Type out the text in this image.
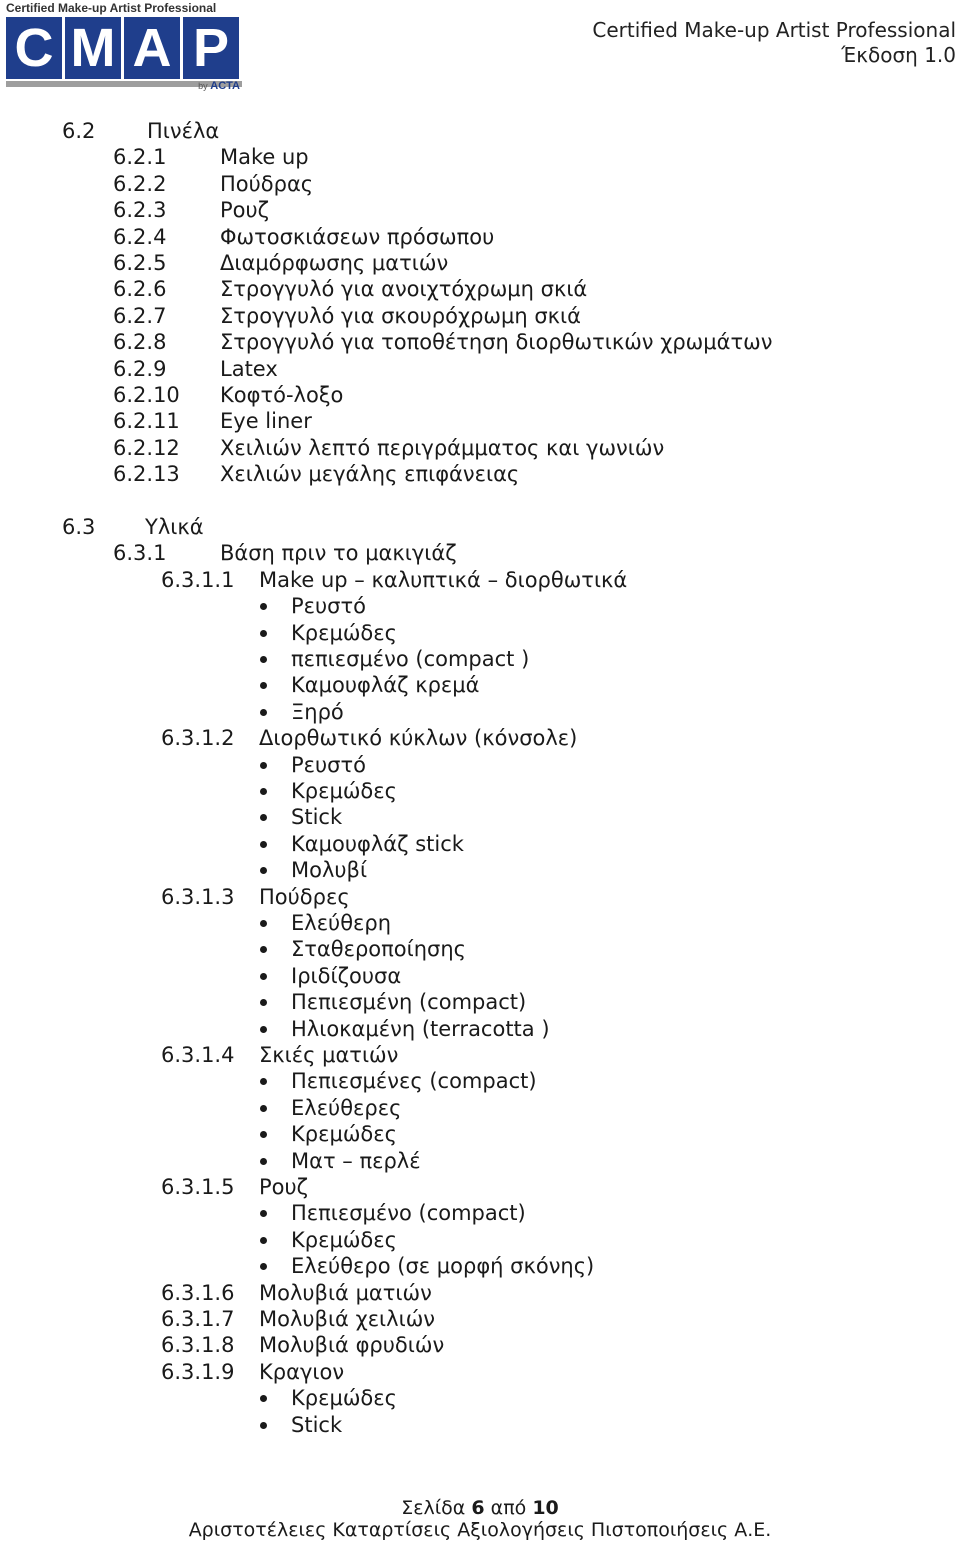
Certified Make-up Artist Professional
C M A P
by ACTA
Certified Make-up Artist Professional
Έκδοση 1.0
6.2 Πινέλα
6.2.1	Make up
6.2.2	Πούδρας
6.2.3	Ρουζ
6.2.4	Φωτοσκιάσεων πρόσωπου
6.2.5	Διαμόρφωσης ματιών
6.2.6	Στρογγυλό για ανοιχτόχρωμη σκιά
6.2.7	Στρογγυλό για σκουρόχρωμη σκιά
6.2.8	Στρογγυλό για τοποθέτηση διορθωτικών χρωμάτων
6.2.9	Latex
6.2.10 Κοφτό-λοξο
6.2.11 Eye liner
6.2.12 Χειλιών λεπτό περιγράμματος και γωνιών
6.2.13 Χειλιών μεγάλης επιφάνειας
6.3 Υλικά
6.3.1	Βάση πριν το μακιγιάζ
6.3.1.1 Make up – καλυπτικά – διορθωτικά
Ρευστό
Κρεμώδες
πεπιεσμένο (compact )
Καμουφλάζ κρεμά
Ξηρό
6.3.1.2 Διορθωτικό κύκλων (κόνσολε)
Ρευστό
Κρεμώδες
Stick
Καμουφλάζ stick
Μολυβί
6.3.1.3 Πούδρες
Ελεύθερη
Σταθεροποίησης
Ιριδίζουσα
Πεπιεσμένη (compact)
Ηλιοκαμένη (terracotta )
6.3.1.4 Σκιές ματιών
Πεπιεσμένες (compact)
Ελεύθερες
Κρεμώδες
Ματ – περλέ
6.3.1.5 Ρουζ
Πεπιεσμένο (compact)
Κρεμώδες
Ελεύθερο (σε μορφή σκόνης)
6.3.1.6 Μολυβιά ματιών
6.3.1.7 Μολυβιά χειλιών
6.3.1.8 Μολυβιά φρυδιών
6.3.1.9 Κραγιον
Κρεμώδες
Stick
Σελίδα 6 από 10
Αριστοτέλειες Καταρτίσεις Αξιολογήσεις Πιστοποιήσεις Α.Ε.
